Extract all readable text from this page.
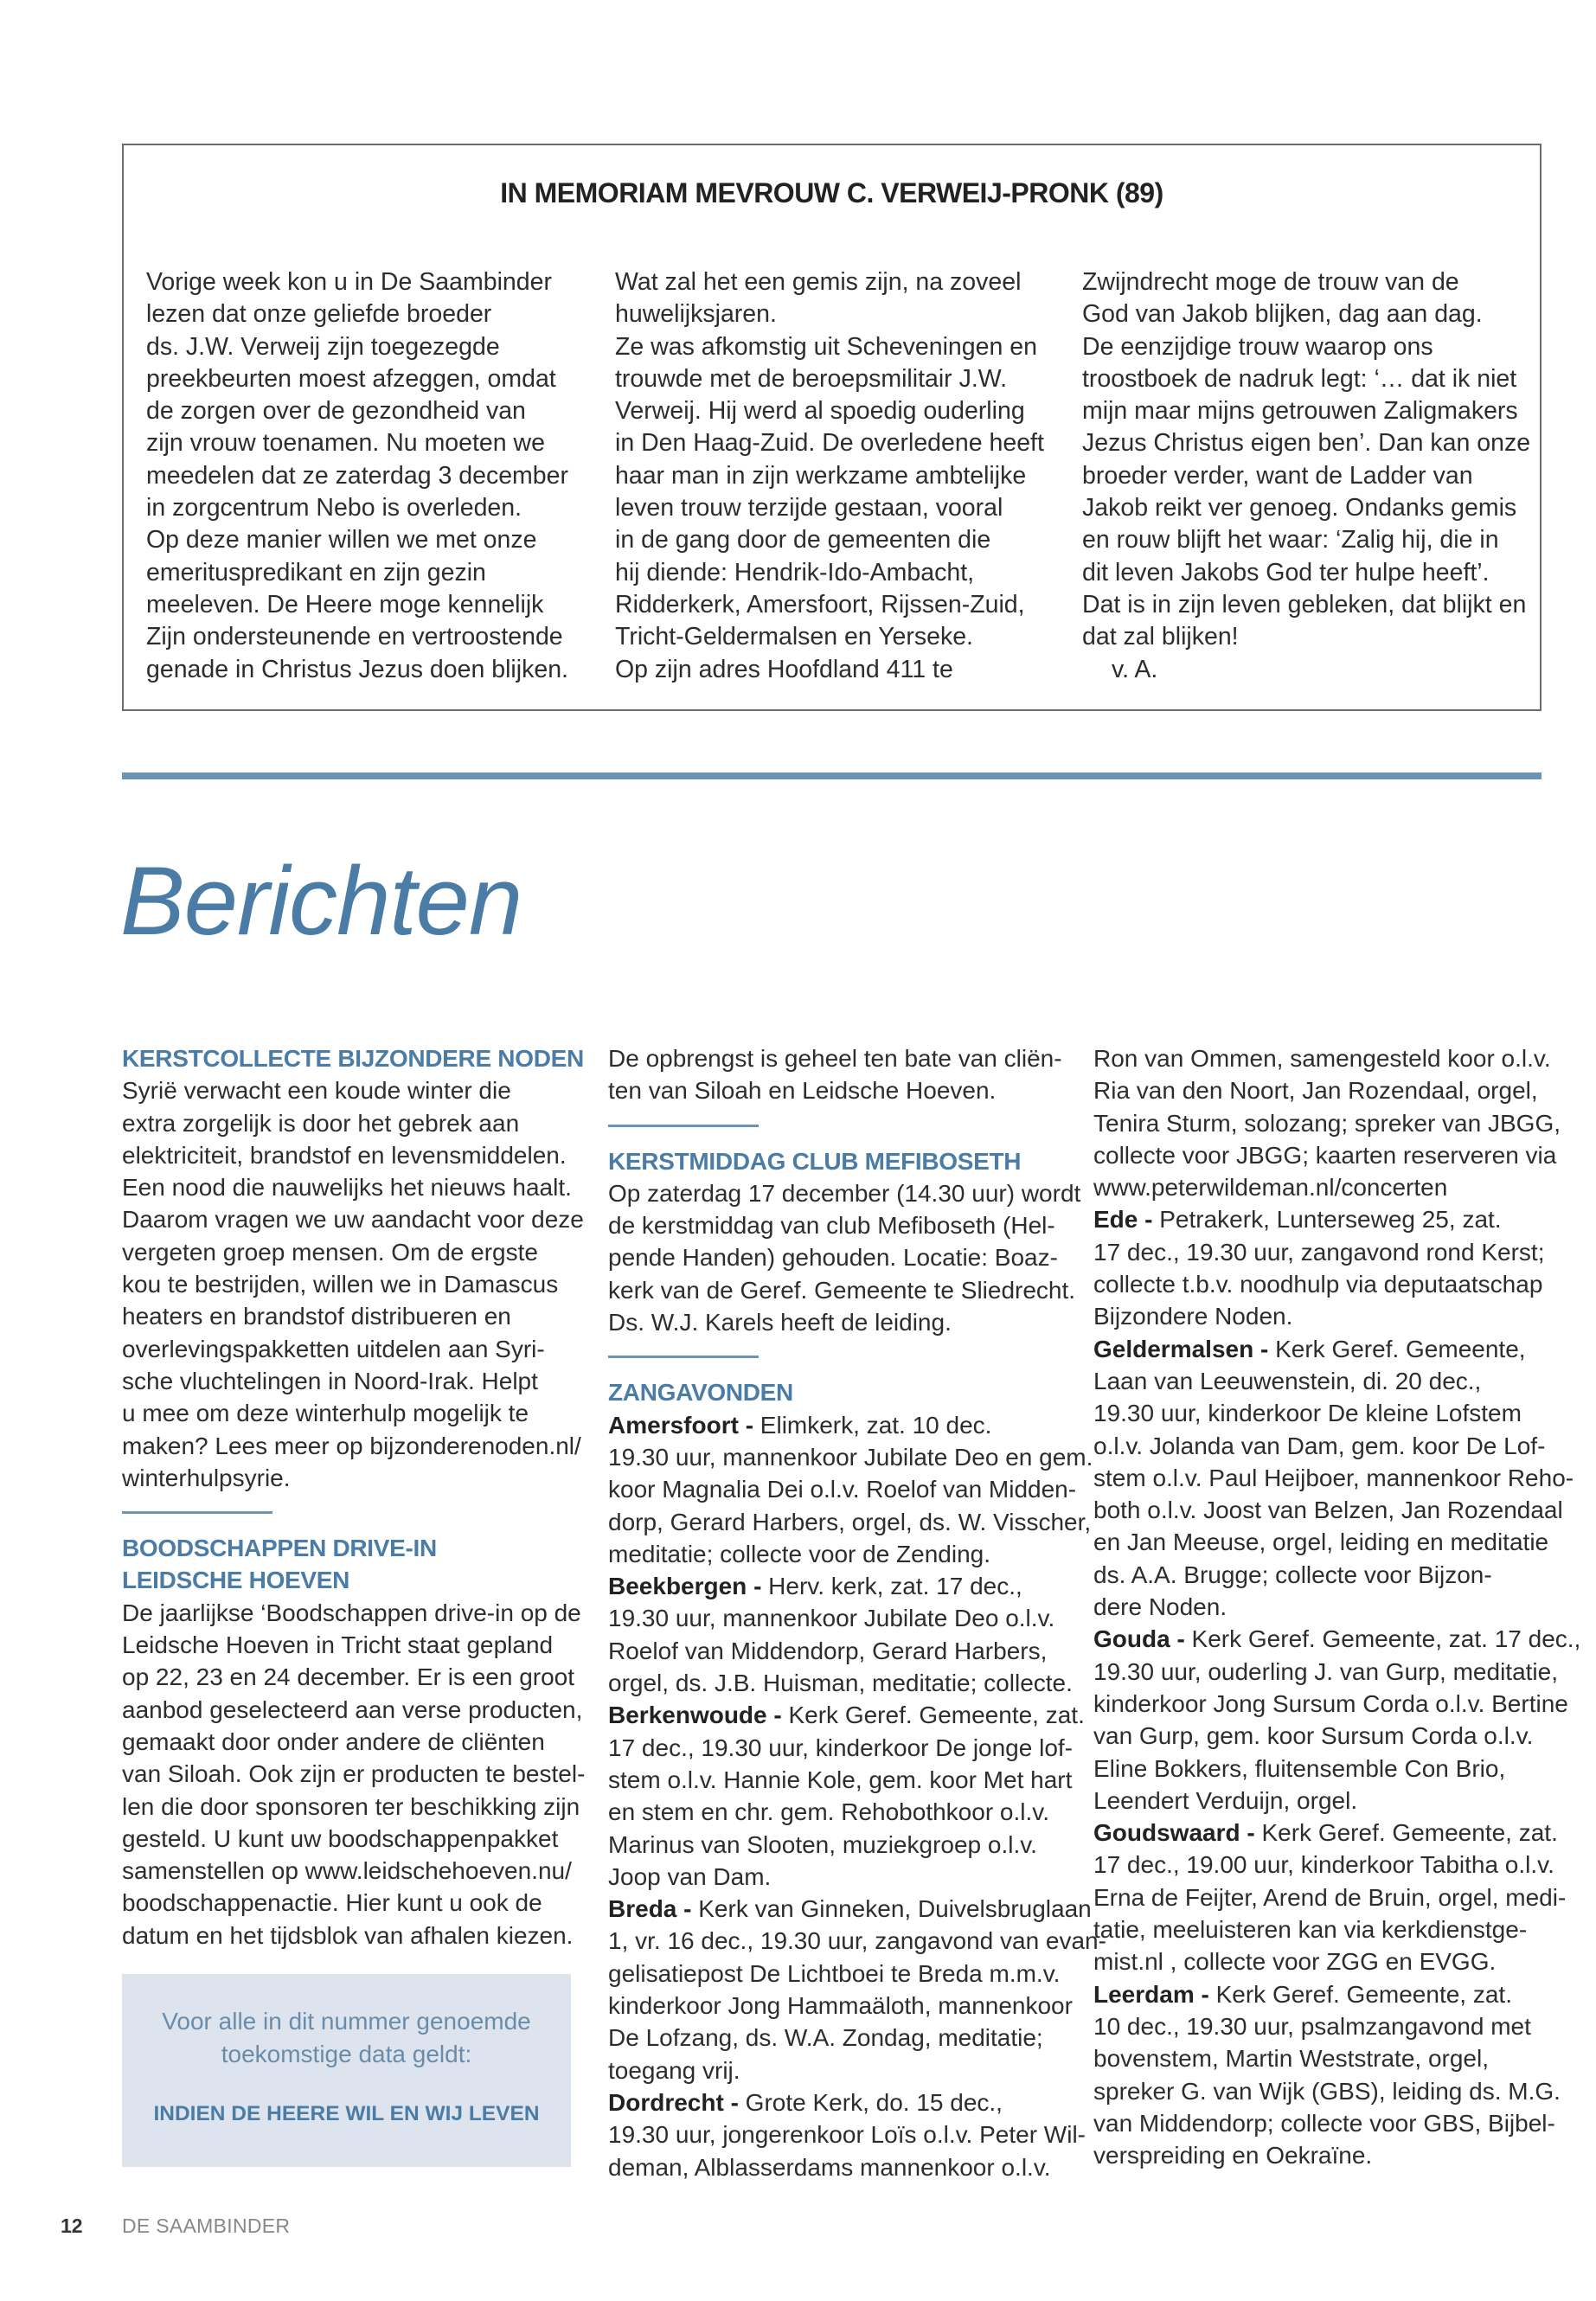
IN MEMORIAM MEVROUW C. VERWEIJ-PRONK (89)
Vorige week kon u in De Saambinder
lezen dat onze geliefde broeder
ds. J.W. Verweij zijn toegezegde
preekbeurten moest afzeggen, omdat
de zorgen over de gezondheid van
zijn vrouw toenamen. Nu moeten we
meedelen dat ze zaterdag 3 december
in zorgcentrum Nebo is overleden.
Op deze manier willen we met onze
emerituspredikant en zijn gezin
meeleven. De Heere moge kennelijk
Zijn ondersteunende en vertroostende
genade in Christus Jezus doen blijken.
Wat zal het een gemis zijn, na zoveel
huwelijksjaren.
Ze was afkomstig uit Scheveningen en
trouwde met de beroepsmilitair J.W.
Verweij. Hij werd al spoedig ouderling
in Den Haag-Zuid. De overledene heeft
haar man in zijn werkzame ambtelijke
leven trouw terzijde gestaan, vooral
in de gang door de gemeenten die
hij diende: Hendrik-Ido-Ambacht,
Ridderkerk, Amersfoort, Rijssen-Zuid,
Tricht-Geldermalsen en Yerseke.
Op zijn adres Hoofdland 411 te
Zwijndrecht moge de trouw van de
God van Jakob blijken, dag aan dag.
De eenzijdige trouw waarop ons
troostboek de nadruk legt: ‘… dat ik niet
mijn maar mijns getrouwen Zaligmakers
Jezus Christus eigen ben’. Dan kan onze
broeder verder, want de Ladder van
Jakob reikt ver genoeg. Ondanks gemis
en rouw blijft het waar: ‘Zalig hij, die in
dit leven Jakobs God ter hulpe heeft’.
Dat is in zijn leven gebleken, dat blijkt en
dat zal blijken!
v. A.
Berichten
KERSTCOLLECTE BIJZONDERE NODEN
Syrië verwacht een koude winter die
extra zorgelijk is door het gebrek aan
elektriciteit, brandstof en levensmiddelen.
Een nood die nauwelijks het nieuws haalt.
Daarom vragen we uw aandacht voor deze
vergeten groep mensen. Om de ergste
kou te bestrijden, willen we in Damascus
heaters en brandstof distribueren en
overlevingspakketten uitdelen aan Syri-
sche vluchtelingen in Noord-Irak. Helpt
u mee om deze winterhulp mogelijk te
maken? Lees meer op bijzonderenoden.nl/
winterhulpsyrie.
BOODSCHAPPEN DRIVE-IN
LEIDSCHE HOEVEN
De jaarlijkse ‘Boodschappen drive-in op de
Leidsche Hoeven in Tricht staat gepland
op 22, 23 en 24 december. Er is een groot
aanbod geselecteerd aan verse producten,
gemaakt door onder andere de cliënten
van Siloah. Ook zijn er producten te bestel-
len die door sponsoren ter beschikking zijn
gesteld. U kunt uw boodschappenpakket
samenstellen op www.leidschehoeven.nu/
boodschappenactie. Hier kunt u ook de
datum en het tijdsblok van afhalen kiezen.
Voor alle in dit nummer genoemde
toekomstige data geldt:
INDIEN DE HEERE WIL EN WIJ LEVEN
De opbrengst is geheel ten bate van cliën-
ten van Siloah en Leidsche Hoeven.
KERSTMIDDAG CLUB MEFIBOSETH
Op zaterdag 17 december (14.30 uur) wordt
de kerstmiddag van club Mefiboseth (Hel-
pende Handen) gehouden. Locatie: Boaz-
kerk van de Geref. Gemeente te Sliedrecht.
Ds. W.J. Karels heeft de leiding.
ZANGAVONDEN
Amersfoort - Elimkerk, zat. 10 dec.
19.30 uur, mannenkoor Jubilate Deo en gem.
koor Magnalia Dei o.l.v. Roelof van Midden-
dorp, Gerard Harbers, orgel, ds. W. Visscher,
meditatie; collecte voor de Zending.
Beekbergen - Herv. kerk, zat. 17 dec.,
19.30 uur, mannenkoor Jubilate Deo o.l.v.
Roelof van Middendorp, Gerard Harbers,
orgel, ds. J.B. Huisman, meditatie; collecte.
Berkenwoude - Kerk Geref. Gemeente, zat.
17 dec., 19.30 uur, kinderkoor De jonge lof-
stem o.l.v. Hannie Kole, gem. koor Met hart
en stem en chr. gem. Rehobothkoor o.l.v.
Marinus van Slooten, muziekgroep o.l.v.
Joop van Dam.
Breda - Kerk van Ginneken, Duivelsbruglaan
1, vr. 16 dec., 19.30 uur, zangavond van evan-
gelisatiepost De Lichtboei te Breda m.m.v.
kinderkoor Jong Hammaäloth, mannenkoor
De Lofzang, ds. W.A. Zondag, meditatie;
toegang vrij.
Dordrecht - Grote Kerk, do. 15 dec.,
19.30 uur, jongerenkoor Loïs o.l.v. Peter Wil-
deman, Alblasserdams mannenkoor o.l.v.
Ron van Ommen, samengesteld koor o.l.v.
Ria van den Noort, Jan Rozendaal, orgel,
Tenira Sturm, solozang; spreker van JBGG,
collecte voor JBGG; kaarten reserveren via
www.peterwildeman.nl/concerten
Ede - Petrakerk, Lunterseweg 25, zat.
17 dec., 19.30 uur, zangavond rond Kerst;
collecte t.b.v. noodhulp via deputaatschap
Bijzondere Noden.
Geldermalsen - Kerk Geref. Gemeente,
Laan van Leeuwenstein, di. 20 dec.,
19.30 uur, kinderkoor De kleine Lofstem
o.l.v. Jolanda van Dam, gem. koor De Lof-
stem o.l.v. Paul Heijboer, mannenkoor Reho-
both o.l.v. Joost van Belzen, Jan Rozendaal
en Jan Meeuse, orgel, leiding en meditatie
ds. A.A. Brugge; collecte voor Bijzon-
dere Noden.
Gouda - Kerk Geref. Gemeente, zat. 17 dec.,
19.30 uur, ouderling J. van Gurp, meditatie,
kinderkoor Jong Sursum Corda o.l.v. Bertine
van Gurp, gem. koor Sursum Corda o.l.v.
Eline Bokkers, fluitensemble Con Brio,
Leendert Verduijn, orgel.
Goudswaard - Kerk Geref. Gemeente, zat.
17 dec., 19.00 uur, kinderkoor Tabitha o.l.v.
Erna de Feijter, Arend de Bruin, orgel, medi-
tatie, meeluisteren kan via kerkdienstge-
mist.nl , collecte voor ZGG en EVGG.
Leerdam - Kerk Geref. Gemeente, zat.
10 dec., 19.30 uur, psalmzangavond met
bovenstem, Martin Weststrate, orgel,
spreker G. van Wijk (GBS), leiding ds. M.G.
van Middendorp; collecte voor GBS, Bijbel-
verspreiding en Oekraïne.
12 DE SAAMBINDER
